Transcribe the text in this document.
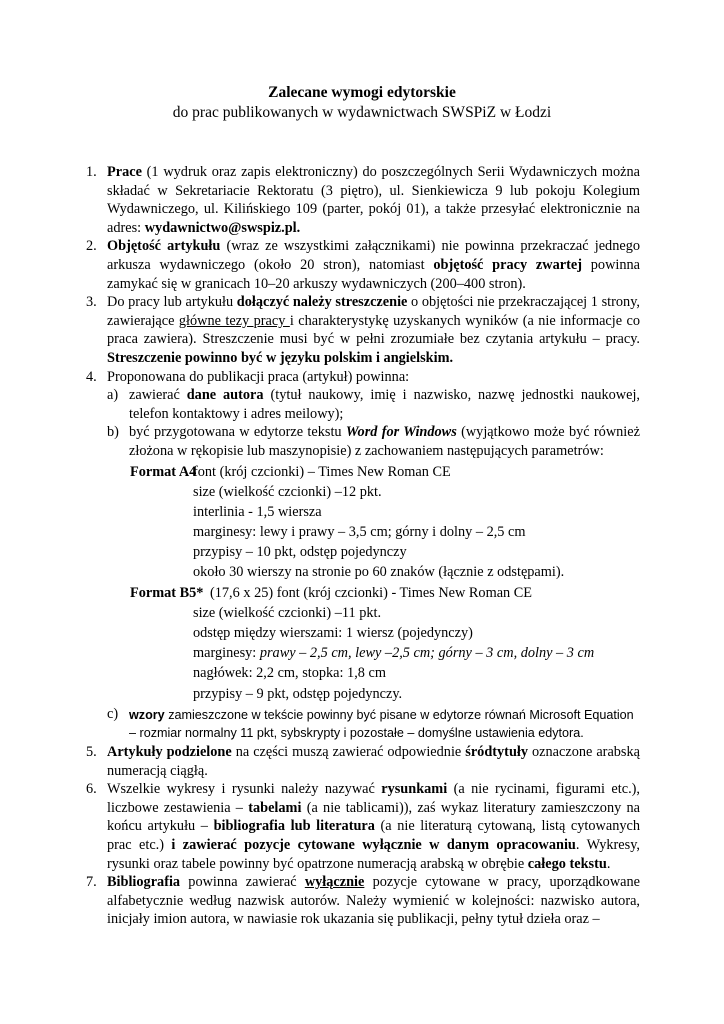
Zalecane wymogi edytorskie
do prac publikowanych w wydawnictwach SWSPiZ w Łodzi
1. Prace (1 wydruk oraz zapis elektroniczny) do poszczególnych Serii Wydawniczych można składać w Sekretariacie Rektoratu (3 piętro), ul. Sienkiewicza 9 lub pokoju Kolegium Wydawniczego, ul. Kilińskiego 109 (parter, pokój 01), a także przesyłać elektronicznie na adres: wydawnictwo@swspiz.pl.
2. Objętość artykułu (wraz ze wszystkimi załącznikami) nie powinna przekraczać jednego arkusza wydawniczego (około 20 stron), natomiast objętość pracy zwartej powinna zamykać się w granicach 10–20 arkuszy wydawniczych (200–400 stron).
3. Do pracy lub artykułu dołączyć należy streszczenie o objętości nie przekraczającej 1 strony, zawierające główne tezy pracy i charakterystykę uzyskanych wyników (a nie informacje co praca zawiera). Streszczenie musi być w pełni zrozumiałe bez czytania artykułu – pracy. Streszczenie powinno być w języku polskim i angielskim.
4. Proponowana do publikacji praca (artykuł) powinna:
a) zawierać dane autora (tytuł naukowy, imię i nazwisko, nazwę jednostki naukowej, telefon kontaktowy i adres meilowy);
b) być przygotowana w edytorze tekstu Word for Windows (wyjątkowo może być również złożona w rękopisie lub maszynopisie) z zachowaniem następujących parametrów:
Format A4
font (krój czcionki) – Times New Roman CE
size (wielkość czcionki) –12 pkt.
interlinia - 1,5 wiersza
marginesy: lewy i prawy – 3,5 cm; górny i dolny – 2,5 cm
przypisy – 10 pkt, odstęp pojedynczy
około 30 wierszy na stronie po 60 znaków (łącznie z odstępami).
Format B5* (17,6 x 25) font (krój czcionki) - Times New Roman CE
size (wielkość czcionki) –11 pkt.
odstęp między wierszami: 1 wiersz (pojedynczy)
marginesy: prawy – 2,5 cm, lewy –2,5 cm; górny – 3 cm, dolny – 3 cm
nagłówek: 2,2 cm, stopka: 1,8 cm
przypisy – 9 pkt, odstęp pojedynczy.
c) wzory zamieszczone w tekście powinny być pisane w edytorze równań Microsoft Equation – rozmiar normalny 11 pkt, sybskrypty i pozostałe – domyślne ustawienia edytora.
5. Artykuły podzielone na części muszą zawierać odpowiednie śródtytuły oznaczone arabską numeracją ciągłą.
6. Wszelkie wykresy i rysunki należy nazywać rysunkami (a nie rycinami, figurami etc.), liczbowe zestawienia – tabelami (a nie tablicami)), zaś wykaz literatury zamieszczony na końcu artykułu – bibliografia lub literatura (a nie literaturą cytowaną, listą cytowanych prac etc.) i zawierać pozycje cytowane wyłącznie w danym opracowaniu. Wykresy, rysunki oraz tabele powinny być opatrzone numeracją arabską w obrębie całego tekstu.
7. Bibliografia powinna zawierać wyłącznie pozycje cytowane w pracy, uporządkowane alfabetycznie według nazwisk autorów. Należy wymienić w kolejności: nazwisko autora, inicjały imion autora, w nawiasie rok ukazania się publikacji, pełny tytuł dzieła oraz –
